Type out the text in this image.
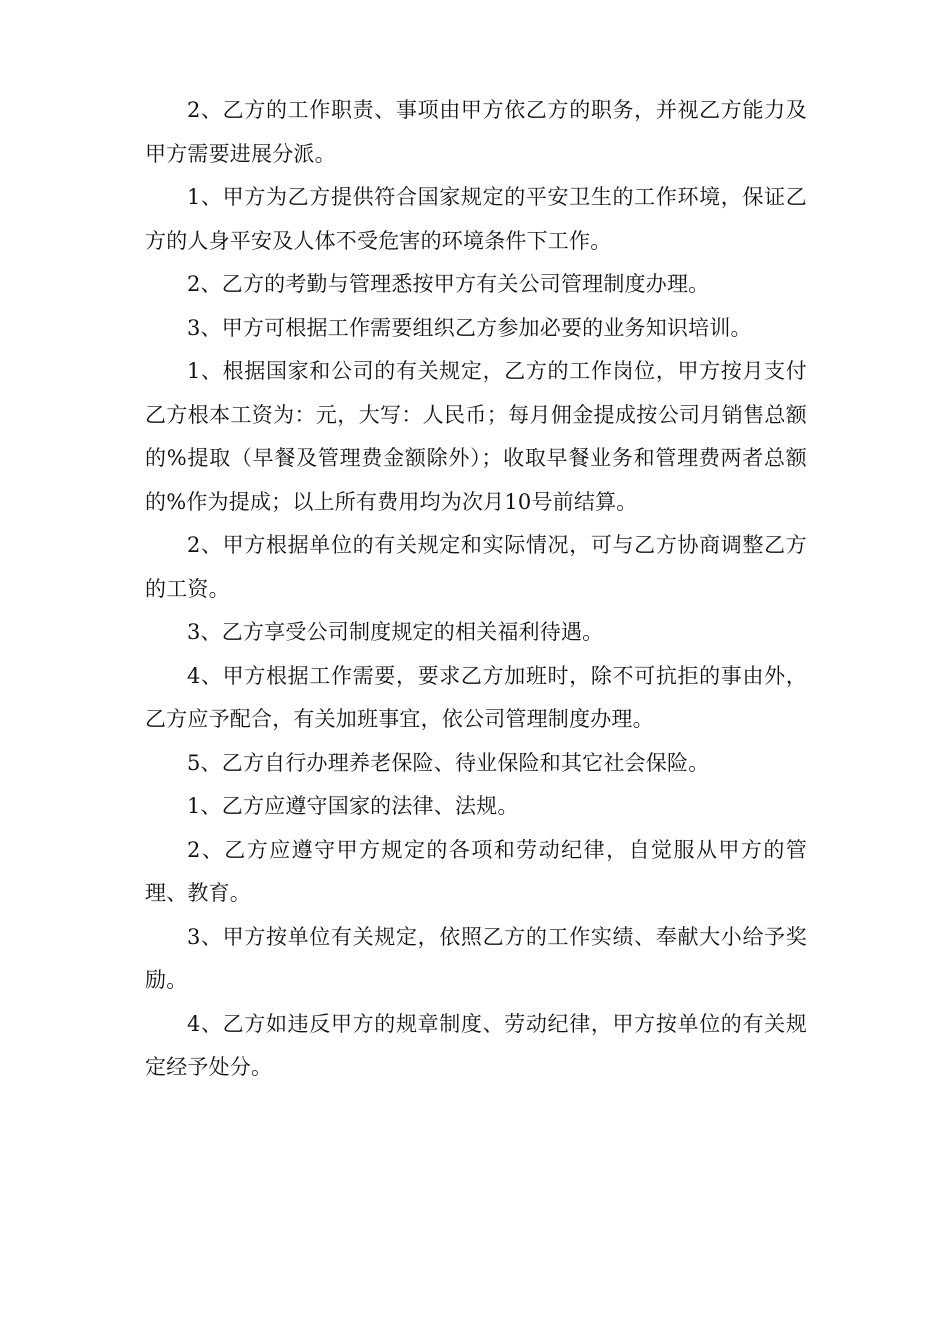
2、乙方的工作职责、事项由甲方依乙方的职务，并视乙方能力及甲方需要进展分派。

1、甲方为乙方提供符合国家规定的平安卫生的工作环境，保证乙方的人身平安及人体不受危害的环境条件下工作。

2、乙方的考勤与管理悉按甲方有关公司管理制度办理。

3、甲方可根据工作需要组织乙方参加必要的业务知识培训。

1、根据国家和公司的有关规定，乙方的工作岗位，甲方按月支付乙方根本工资为：元，大写：人民币；每月佣金提成按公司月销售总额的%提取（早餐及管理费金额除外）；收取早餐业务和管理费两者总额的%作为提成；以上所有费用均为次月10号前结算。

2、甲方根据单位的有关规定和实际情况，可与乙方协商调整乙方的工资。

3、乙方享受公司制度规定的相关福利待遇。

4、甲方根据工作需要，要求乙方加班时，除不可抗拒的事由外，乙方应予配合，有关加班事宜，依公司管理制度办理。

5、乙方自行办理养老保险、待业保险和其它社会保险。

1、乙方应遵守国家的法律、法规。

2、乙方应遵守甲方规定的各项和劳动纪律，自觉服从甲方的管理、教育。

3、甲方按单位有关规定，依照乙方的工作实绩、奉献大小给予奖励。

4、乙方如违反甲方的规章制度、劳动纪律，甲方按单位的有关规定经予处分。
